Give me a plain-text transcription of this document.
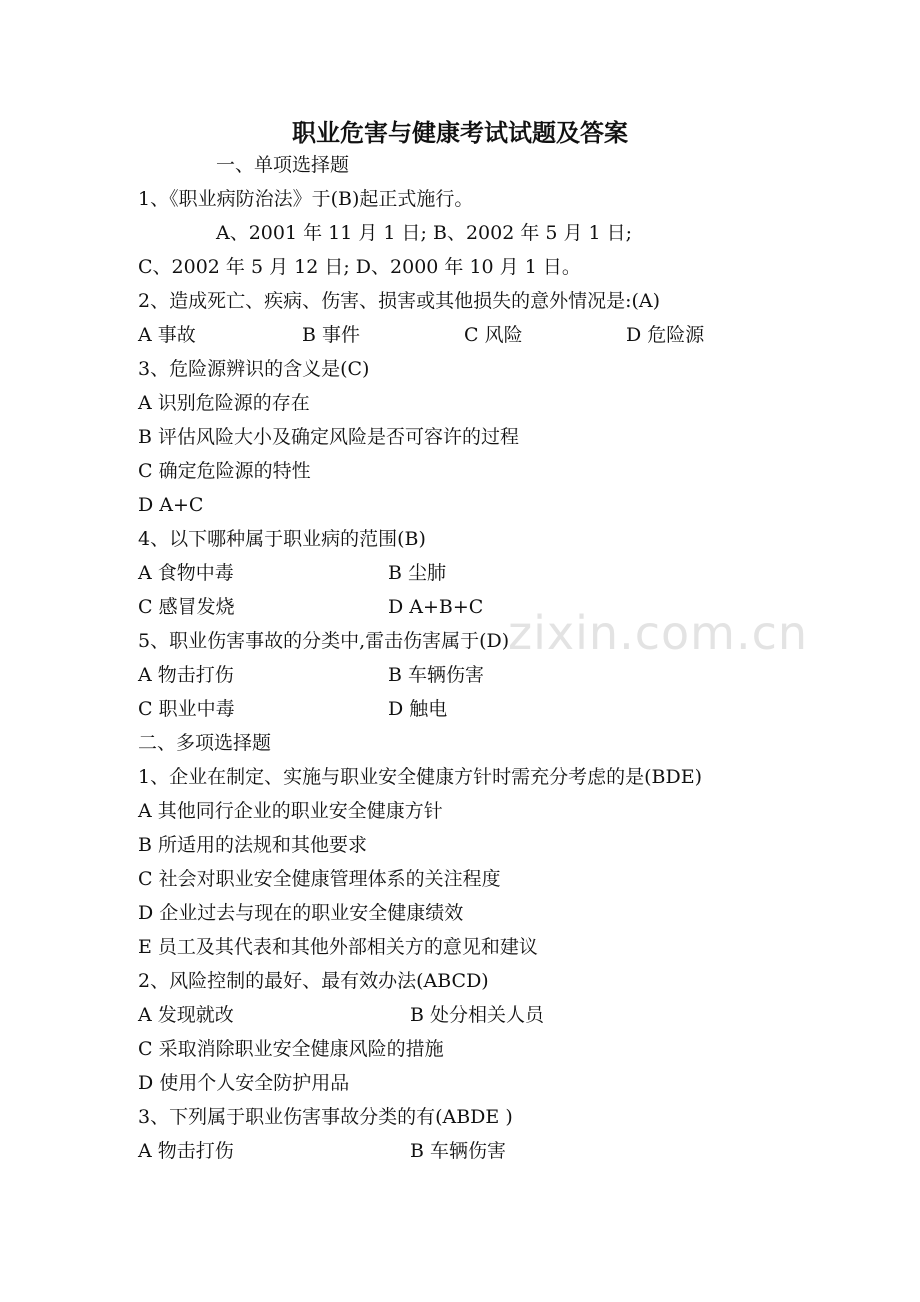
zixin.com.cn
职业危害与健康考试试题及答案
一、单项选择题
1、《职业病防治法》于(B)起正式施行。
A、2001 年 11 月 1 日; B、2002 年 5 月 1 日;
C、2002 年 5 月 12 日; D、2000 年 10 月 1 日。
2、造成死亡、疾病、伤害、损害或其他损失的意外情况是:(A)
A 事故	B 事件	C 风险	D 危险源
3、危险源辨识的含义是(C)
A 识别危险源的存在
B 评估风险大小及确定风险是否可容许的过程
C 确定危险源的特性
D A+C
4、以下哪种属于职业病的范围(B)
A 食物中毒	B 尘肺
C 感冒发烧	D A+B+C
5、职业伤害事故的分类中,雷击伤害属于(D)
A 物击打伤	B 车辆伤害
C 职业中毒	D 触电
二、多项选择题
1、企业在制定、实施与职业安全健康方针时需充分考虑的是(BDE)
A 其他同行企业的职业安全健康方针
B 所适用的法规和其他要求
C 社会对职业安全健康管理体系的关注程度
D 企业过去与现在的职业安全健康绩效
E 员工及其代表和其他外部相关方的意见和建议
2、风险控制的最好、最有效办法(ABCD)
A 发现就改	B 处分相关人员
C 采取消除职业安全健康风险的措施
D 使用个人安全防护用品
3、下列属于职业伤害事故分类的有(ABDE )
A 物击打伤	B 车辆伤害
